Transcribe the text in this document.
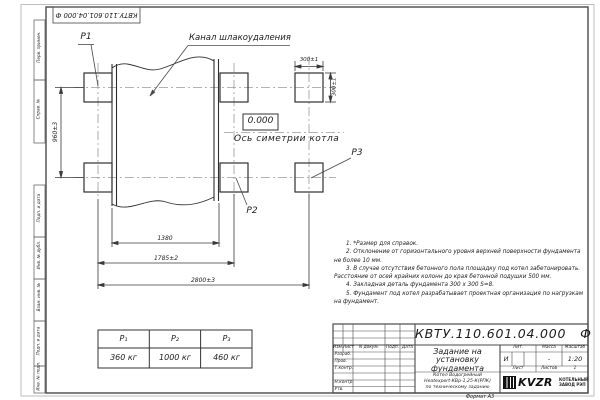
КВТУ.110.601.04.000 Ф
Перв. примен.
Справ. №
Подп. и дата
Инв. № дубл.
Взам. инв. №
Подп. и дата
Инв. № подл.
Р1	Канал шлакоудаления
Р2
Р3
0.000
Ось симетрии котла
960±3
300±1
300±1
1380
1785±2
2800±3

1. *Размер для справок.

2. Отклонение от горизонтального уровня верхней поверхности фундамента не более 10 мм.

3. В случае отсутствия бетонного пола площадку под котел забетонировать. Расстояние от осей крайних колонн до края бетонной подушки 500 мм.

4. Закладная деталь фундамента 300 х 300 S=8.

5. Фундамент под котел разрабатывает проектная организация по нагрузкам на фундамент.

Р₁	Р₂	Р₃
360 кг	1000 кг	460 кг
КВТУ.110.601.04.000 Ф
Изм. Лист	N докум.	Подп. Дата
Разраб.
Пров.
Т.контр.
Н.контр.
Утв.
Задание на
установку
фундамента
Котел Водогрейный
Heatexpert-КВр-1,25-К(РПК)
по техническому заданию
Лит.	Масса	Масштаб
И	-	1:20
Лист	Листов	1
KVZR КОТЕЛЬНЫЙ
ЗАВОД РЭП
Формат А3
